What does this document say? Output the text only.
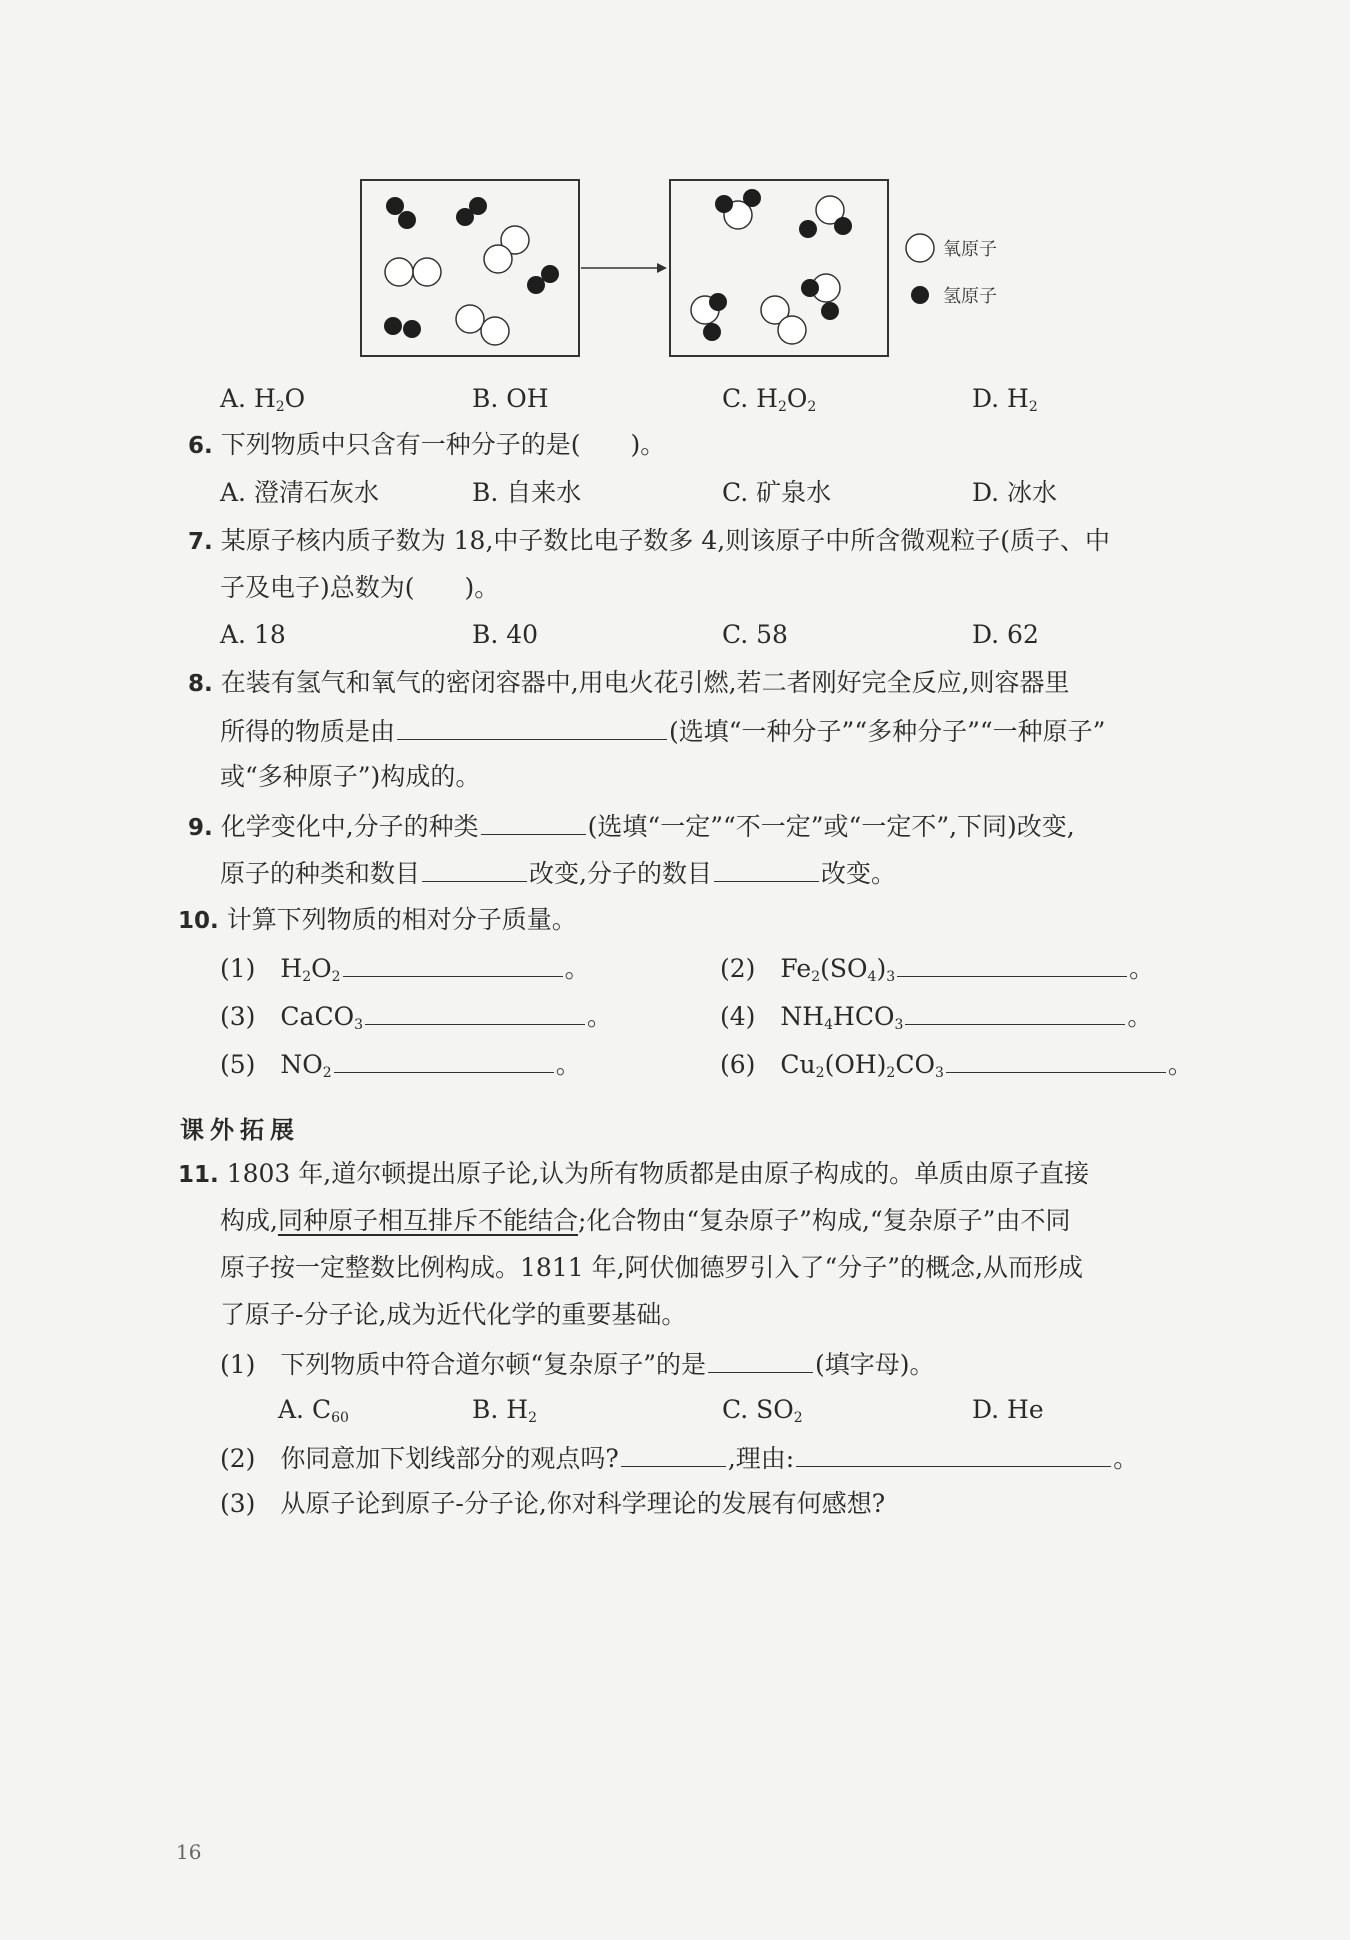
氧原子
氢原子
A. $H_2O$	B. OH	C. $H_2O_2$	D. $H_2$
6. 下列物质中只含有一种分子的是(　　)。
A. 澄清石灰水	B. 自来水	C. 矿泉水	D. 冰水
7. 某原子核内质子数为 18,中子数比电子数多 4,则该原子中所含微观粒子(质子、中
子及电子)总数为(　　)。
A. 18	B. 40	C. 58	D. 62
8. 在装有氢气和氧气的密闭容器中,用电火花引燃,若二者刚好完全反应,则容器里
所得的物质是由	(选填“一种分子”“多种分子”“一种原子”
或“多种原子”)构成的。
9. 化学变化中,分子的种类	(选填“一定”“不一定”或“一定不”,下同)改变,
原子的种类和数目	改变,分子的数目	改变。
10. 计算下列物质的相对分子质量。
(1)　$H_2O_2$	。	(2)　$Fe_2(SO_4)_3$	。
(3)　CaCO$_3$	。	(4)　$NH_4HCO_3$	。
(5)　$NO_2$	。	(6)　$Cu_2(OH)_2CO_3$	。
课外拓展
11. 1803 年,道尔顿提出原子论,认为所有物质都是由原子构成的。单质由原子直接
构成,同种原子相互排斥不能结合;化合物由“复杂原子”构成,“复杂原子”由不同
原子按一定整数比例构成。1811 年,阿伏伽德罗引入了“分子”的概念,从而形成
了原子-分子论,成为近代化学的重要基础。
(1)　下列物质中符合道尔顿“复杂原子”的是	(填字母)。
A. $C_{60}$	B. $H_2$	C. $SO_2$	D. He
(2)　你同意加下划线部分的观点吗?	,理由:	。
(3)　从原子论到原子-分子论,你对科学理论的发展有何感想?
16
